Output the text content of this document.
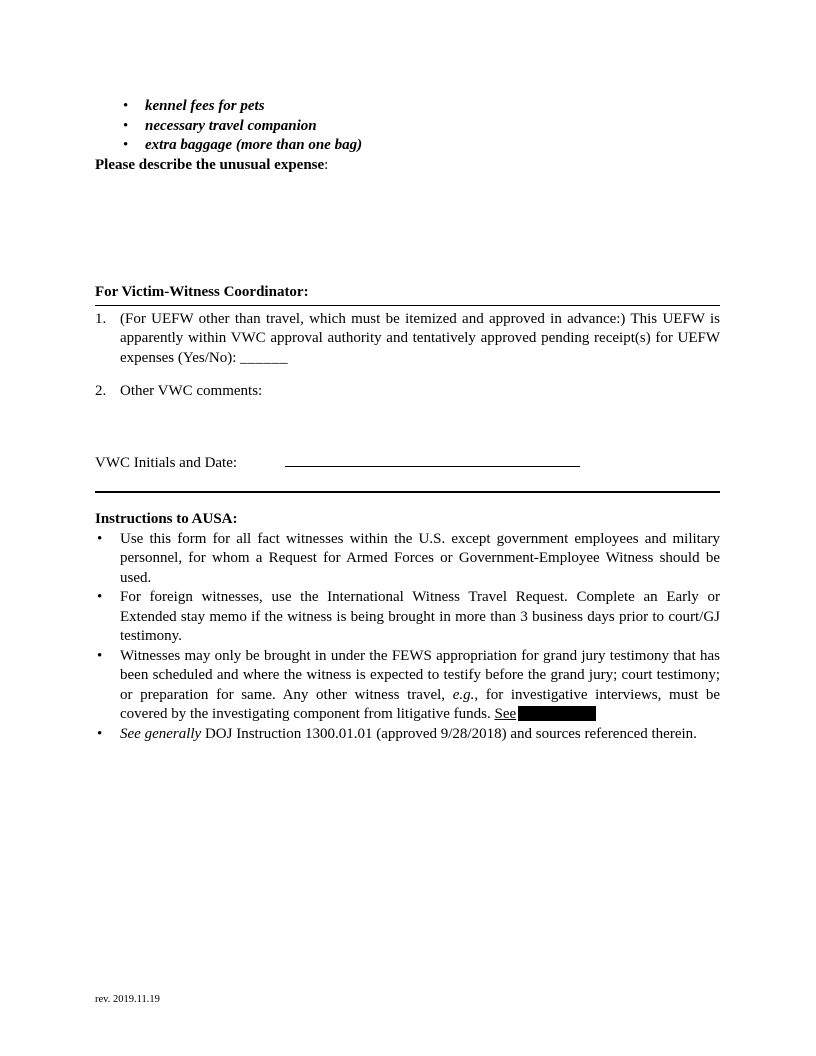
•	kennel fees for pets
•	necessary travel companion
•	extra baggage (more than one bag)

Please describe the unusual expense:

For Victim-Witness Coordinator:
1. (For UEFW other than travel, which must be itemized and approved in advance:) This UEFW is apparently within VWC approval authority and tentatively approved pending receipt(s) for UEFW expenses (Yes/No): ______
2. Other VWC comments:
VWC Initials and Date:
Instructions to AUSA:
•	Use this form for all fact witnesses within the U.S. except government employees and military personnel, for whom a Request for Armed Forces or Government-Employee Witness should be used.
•	For foreign witnesses, use the International Witness Travel Request. Complete an Early or Extended stay memo if the witness is being brought in more than 3 business days prior to court/GJ testimony.
•	Witnesses may only be brought in under the FEWS appropriation for grand jury testimony that has been scheduled and where the witness is expected to testify before the grand jury; court testimony; or preparation for same. Any other witness travel, e.g., for investigative interviews, must be covered by the investigating component from litigative funds. See
•	See generally DOJ Instruction 1300.01.01 (approved 9/28/2018) and sources referenced therein.
rev. 2019.11.19
